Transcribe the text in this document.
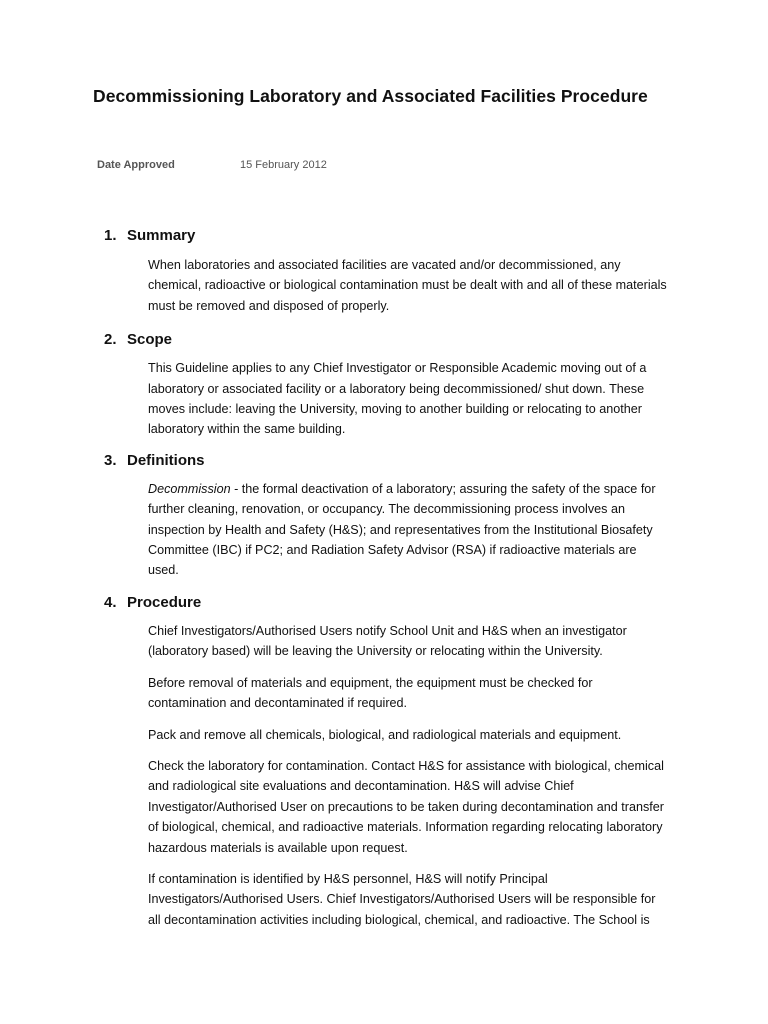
Decommissioning Laboratory and Associated Facilities Procedure
Date Approved	15 February 2012
1. Summary

When laboratories and associated facilities are vacated and/or decommissioned, any chemical, radioactive or biological contamination must be dealt with and all of these materials must be removed and disposed of properly.

2. Scope

This Guideline applies to any Chief Investigator or Responsible Academic moving out of a laboratory or associated facility or a laboratory being decommissioned/ shut down. These moves include: leaving the University, moving to another building or relocating to another laboratory within the same building.

3. Definitions

Decommission - the formal deactivation of a laboratory; assuring the safety of the space for further cleaning, renovation, or occupancy. The decommissioning process involves an inspection by Health and Safety (H&S); and representatives from the Institutional Biosafety Committee (IBC) if PC2; and Radiation Safety Advisor (RSA) if radioactive materials are used.

4. Procedure

Chief Investigators/Authorised Users notify School Unit and H&S when an investigator (laboratory based) will be leaving the University or relocating within the University.

Before removal of materials and equipment, the equipment must be checked for contamination and decontaminated if required.

Pack and remove all chemicals, biological, and radiological materials and equipment.

Check the laboratory for contamination. Contact H&S for assistance with biological, chemical and radiological site evaluations and decontamination. H&S will advise Chief Investigator/Authorised User on precautions to be taken during decontamination and transfer of biological, chemical, and radioactive materials. Information regarding relocating laboratory hazardous materials is available upon request.

If contamination is identified by H&S personnel, H&S will notify Principal Investigators/Authorised Users. Chief Investigators/Authorised Users will be responsible for all decontamination activities including biological, chemical, and radioactive. The School is
